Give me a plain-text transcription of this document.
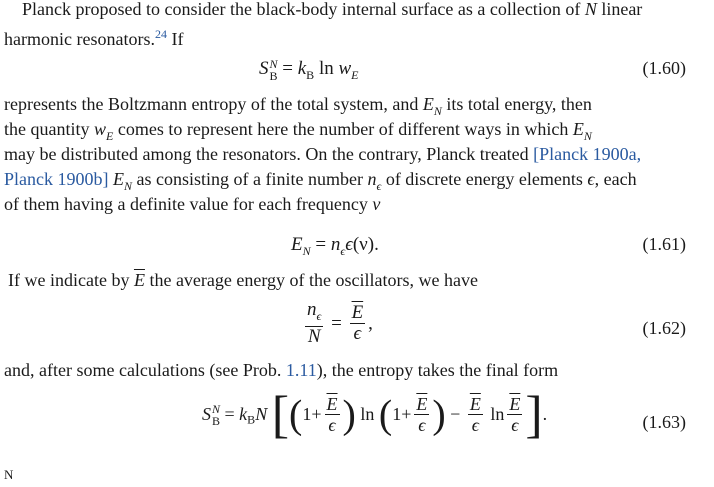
Planck proposed to consider the black-body internal surface as a collection of N linear
harmonic resonators.$^{24}$ If
S N
$B = k_B$ $\ln w_E$	(1.60)
represents the Boltzmann entropy of the total system, and $E_N$ its total energy, then
the quantity $w_E$ comes to represent here the number of different ways in which $E_N$
may be distributed among the resonators. On the contrary, Planck treated [Planck 1900a,
Planck 1900b] $E_N$ as consisting of a finite number $n_\epsilon$ of discrete energy elements ϵ, each
of them having a definite value for each frequency ν
$E_N = n_\epsilon\epsilon(\nu)$.	(1.61)
If we indicate by $\overline{E}$ the average energy of the oscillators, we have
$\frac{n_\epsilon}{N} = \frac{\overline{E}}{\epsilon}$ ,	(1.62)
and, after some calculations (see Prob. 1.11), the entropy takes the final form
S N
$B = k_BN$ [($1+ \frac{\overline{E}}{\epsilon}$ ) $\ln (1+ \frac{\overline{E}}{\epsilon}$ ) − $\frac{\overline{E}}{\epsilon}$ $\ln \frac{\overline{E}}{\epsilon}$ ].	(1.63)
N
